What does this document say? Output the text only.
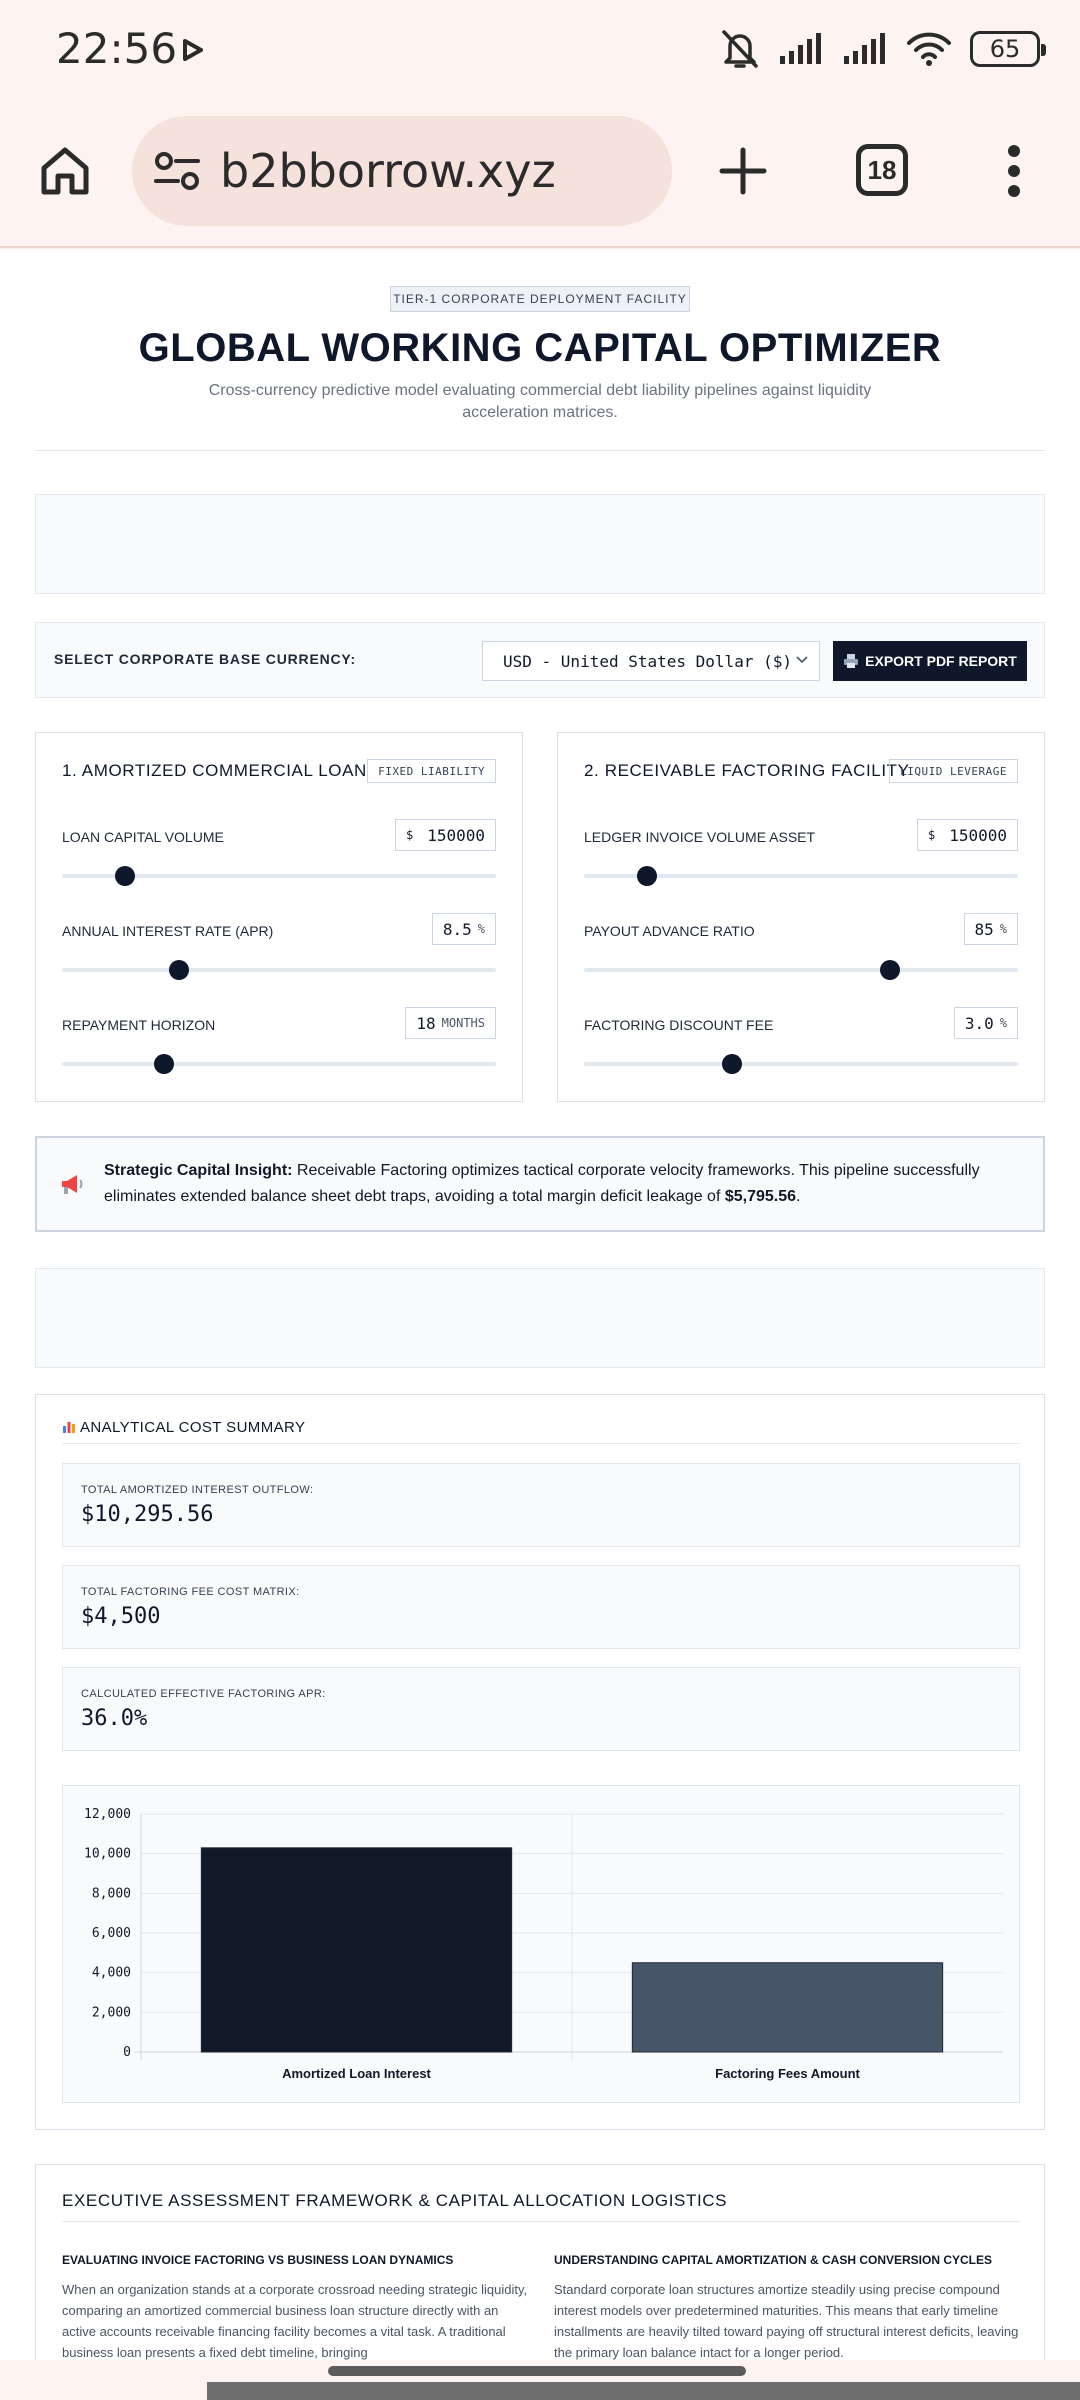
22:56	65
b2bborrow.xyz	18
TIER-1 CORPORATE DEPLOYMENT FACILITY
GLOBAL WORKING CAPITAL OPTIMIZER
Cross-currency predictive model evaluating commercial debt liability pipelines against liquidity acceleration matrices.
SELECT CORPORATE BASE CURRENCY:	USD - United States Dollar ($)	EXPORT PDF REPORT
1. AMORTIZED COMMERCIAL LOAN	FIXED LIABILITY
LOAN CAPITAL VOLUME	$ 150000
ANNUAL INTEREST RATE (APR)	8.5 %
REPAYMENT HORIZON	18 MONTHS
2. RECEIVABLE FACTORING FACILITY
LIQUID LEVERAGE
LEDGER INVOICE VOLUME ASSET	$ 150000
PAYOUT ADVANCE RATIO	85 %
FACTORING DISCOUNT FEE	3.0 %
Strategic Capital Insight: Receivable Factoring optimizes tactical corporate velocity frameworks. This pipeline successfully eliminates extended balance sheet debt traps, avoiding a total margin deficit leakage of $5,795.56.
ANALYTICAL COST SUMMARY
TOTAL AMORTIZED INTEREST OUTFLOW:
$10,295.56
TOTAL FACTORING FEE COST MATRIX:
$4,500
CALCULATED EFFECTIVE FACTORING APR:
36.0%
0
2,000
4,000
6,000
8,000
10,000
12,000
Amortized Loan Interest	Factoring Fees Amount
EXECUTIVE ASSESSMENT FRAMEWORK & CAPITAL ALLOCATION LOGISTICS
EVALUATING INVOICE FACTORING VS BUSINESS LOAN DYNAMICS
When an organization stands at a corporate crossroad needing strategic liquidity, comparing an amortized commercial business loan structure directly with an active accounts receivable financing facility becomes a vital task. A traditional business loan presents a fixed debt timeline, bringing
UNDERSTANDING CAPITAL AMORTIZATION & CASH CONVERSION CYCLES
Standard corporate loan structures amortize steadily using precise compound interest models over predetermined maturities. This means that early timeline installments are heavily tilted toward paying off structural interest deficits, leaving the primary loan balance intact for a longer period.
